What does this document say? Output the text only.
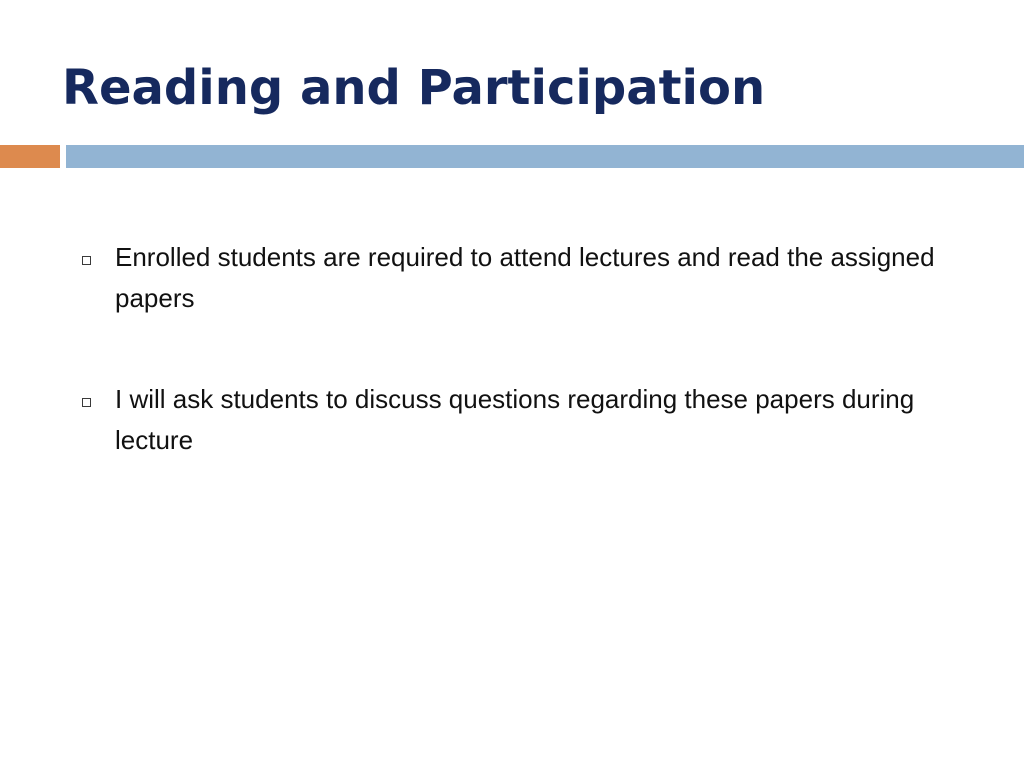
Reading and Participation
Enrolled students are required to attend lectures and read the assigned papers
I will ask students to discuss questions regarding these papers during lecture
